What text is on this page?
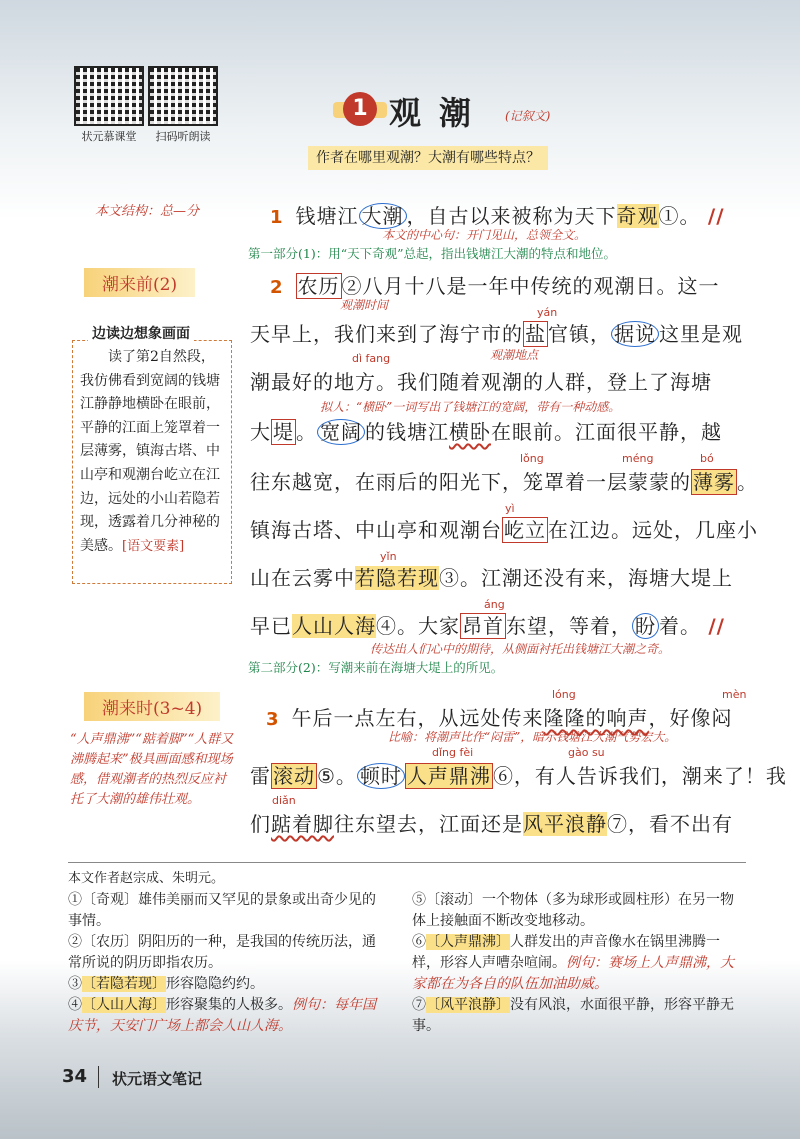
状元慕课堂	扫码听朗读
1 观潮 (记叙文)
作者在哪里观潮？大潮有哪些特点？
本文结构：总—分
潮来前(2)
边读边想象画面
读了第2自然段，我仿佛看到宽阔的钱塘江静静地横卧在眼前，平静的江面上笼罩着一层薄雾，镇海古塔、中山亭和观潮台屹立在江边，远处的小山若隐若现，透露着几分神秘的美感。[语文要素]
潮来时(3~4)
“人声鼎沸”“踮着脚”“人群又沸腾起来”极具画面感和现场感，借观潮者的热烈反应衬托了大潮的雄伟壮观。
1 钱塘江 大潮 ，自古以来被称为天下奇观①。 //
本文的中心句：开门见山，总领全文。
第一部分(1)：用“天下奇观”总起，指出钱塘江大潮的特点和地位。
2 农历 ②八月十八是一年中传统的观潮日。这一
观潮时间
yán
天早上，我们来到了海宁市的 盐 官镇， 据说 这里是观
观潮地点
dì fang
潮最好的地方。我们随着观潮的人群，登上了海塘
拟人：“横卧”一词写出了钱塘江的宽阔，带有一种动感。
大 堤 。 宽阔 的钱塘江横卧在眼前。江面很平静，越
lǒng	méng	bó
往东越宽，在雨后的阳光下，笼罩着一层蒙蒙的 薄雾 。
yì
镇海古塔、中山亭和观潮台 屹立 在江边。远处，几座小
yǐn
山在云雾中若隐若现③。江潮还没有来，海塘大堤上
áng
早已人山人海④。大家 昂首 东望，等着， 盼 着。 //
传达出人们心中的期待，从侧面衬托出钱塘江大潮之奇。
第二部分(2)：写潮来前在海塘大堤上的所见。
lóng	mèn
3 午后一点左右，从远处传来隆隆的响声，好像闷
比喻：将潮声比作“闷雷”，暗示钱塘江大潮气势宏大。
dǐng fèi	gào su
雷 滚动 ⑤。 顿时 人声鼎沸 ⑥，有人告诉我们，潮来了！我
diǎn
们踮着脚往东望去，江面还是风平浪静⑦，看不出有
本文作者赵宗成、朱明元。
①〔奇观〕雄伟美丽而又罕见的景象或出奇少见的事情。
②〔农历〕阴阳历的一种，是我国的传统历法，通常所说的阴历即指农历。
③〔若隐若现〕形容隐隐约约。
④〔人山人海〕形容聚集的人极多。例句：每年国庆节，天安门广场上都会人山人海。
⑤〔滚动〕一个物体（多为球形或圆柱形）在另一物体上接触面不断改变地移动。
⑥〔人声鼎沸〕人群发出的声音像水在锅里沸腾一样，形容人声嘈杂喧闹。例句：赛场上人声鼎沸，大家都在为各自的队伍加油助威。
⑦〔风平浪静〕没有风浪，水面很平静，形容平静无事。
34 状元语文笔记
